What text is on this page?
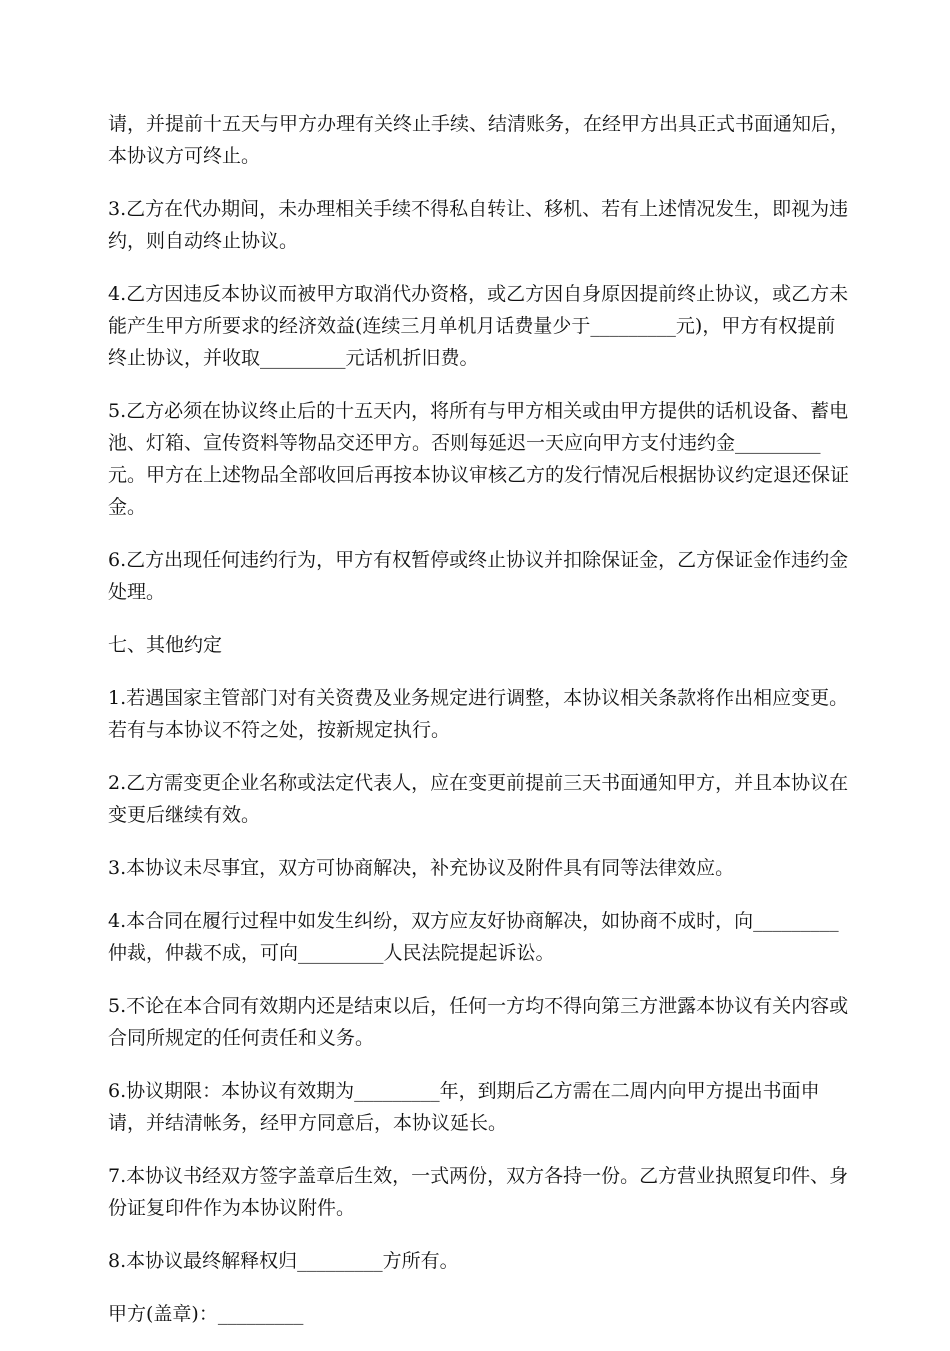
请，并提前十五天与甲方办理有关终止手续、结清账务，在经甲方出具正式书面通知后，本协议方可终止。

3.乙方在代办期间，未办理相关手续不得私自转让、移机、若有上述情况发生，即视为违约，则自动终止协议。

4.乙方因违反本协议而被甲方取消代办资格，或乙方因自身原因提前终止协议，或乙方未能产生甲方所要求的经济效益(连续三月单机月话费量少于_________元)，甲方有权提前终止协议，并收取_________元话机折旧费。

5.乙方必须在协议终止后的十五天内，将所有与甲方相关或由甲方提供的话机设备、蓄电池、灯箱、宣传资料等物品交还甲方。否则每延迟一天应向甲方支付违约金_________元。甲方在上述物品全部收回后再按本协议审核乙方的发行情况后根据协议约定退还保证金。

6.乙方出现任何违约行为，甲方有权暂停或终止协议并扣除保证金，乙方保证金作违约金处理。

七、其他约定

1.若遇国家主管部门对有关资费及业务规定进行调整，本协议相关条款将作出相应变更。若有与本协议不符之处，按新规定执行。

2.乙方需变更企业名称或法定代表人，应在变更前提前三天书面通知甲方，并且本协议在变更后继续有效。

3.本协议未尽事宜，双方可协商解决，补充协议及附件具有同等法律效应。

4.本合同在履行过程中如发生纠纷，双方应友好协商解决，如协商不成时，向_________仲裁，仲裁不成，可向_________人民法院提起诉讼。

5.不论在本合同有效期内还是结束以后，任何一方均不得向第三方泄露本协议有关内容或合同所规定的任何责任和义务。

6.协议期限：本协议有效期为_________年，到期后乙方需在二周内向甲方提出书面申请，并结清帐务，经甲方同意后，本协议延长。

7.本协议书经双方签字盖章后生效，一式两份，双方各持一份。乙方营业执照复印件、身份证复印件作为本协议附件。

8.本协议最终解释权归_________方所有。

甲方(盖章)：_________
